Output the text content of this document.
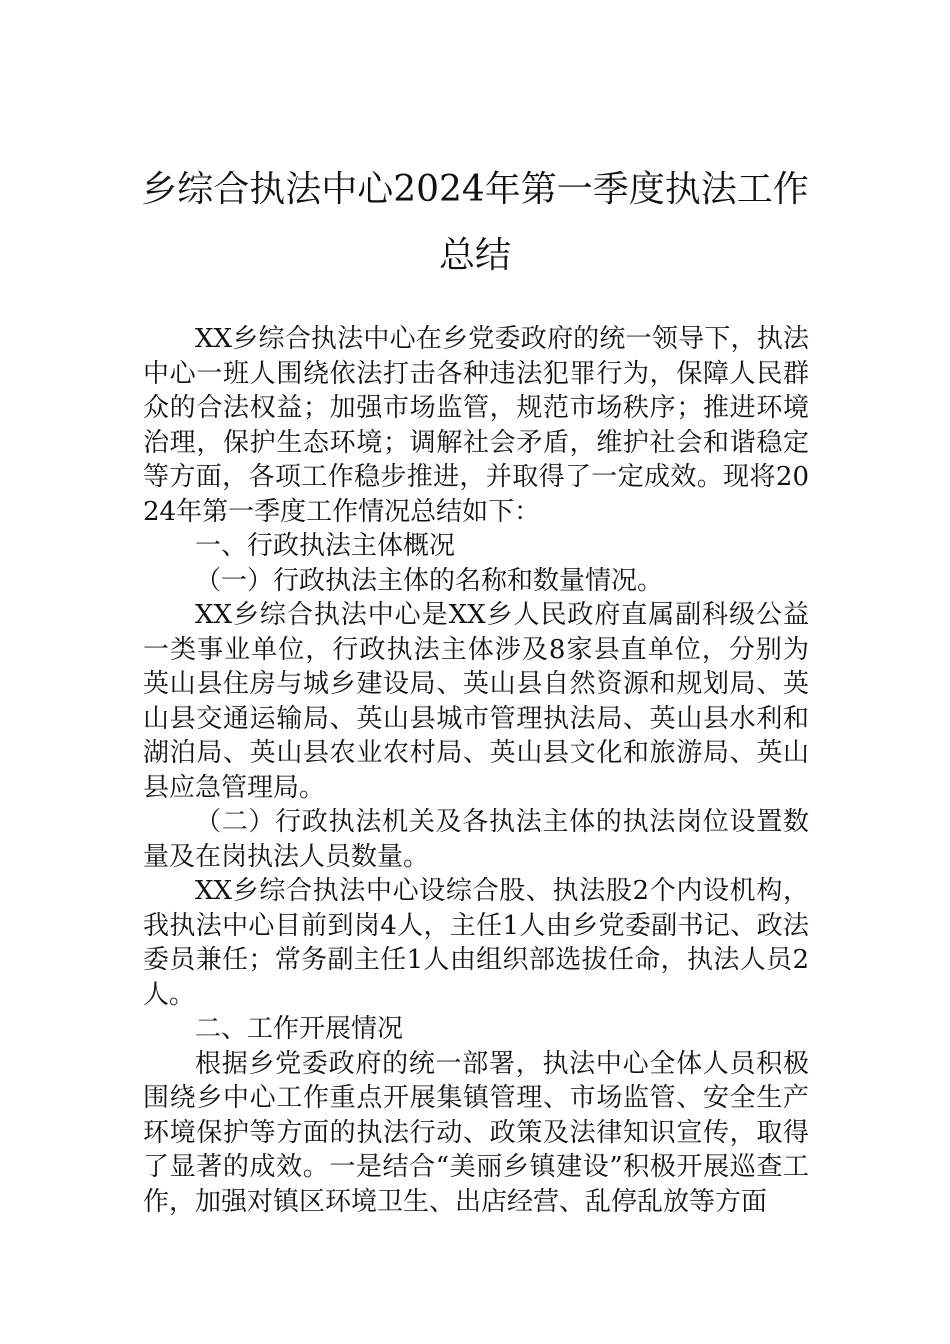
乡综合执法中心2024年第一季度执法工作
总结

XX乡综合执法中心在乡党委政府的统一领导下，执法中心一班人围绕依法打击各种违法犯罪行为，保障人民群众的合法权益；加强市场监管，规范市场秩序；推进环境治理，保护生态环境；调解社会矛盾，维护社会和谐稳定等方面，各项工作稳步推进，并取得了一定成效。现将2024年第一季度工作情况总结如下：

一、行政执法主体概况

（一）行政执法主体的名称和数量情况。

XX乡综合执法中心是XX乡人民政府直属副科级公益一类事业单位，行政执法主体涉及8家县直单位，分别为英山县住房与城乡建设局、英山县自然资源和规划局、英山县交通运输局、英山县城市管理执法局、英山县水利和湖泊局、英山县农业农村局、英山县文化和旅游局、英山县应急管理局。

（二）行政执法机关及各执法主体的执法岗位设置数量及在岗执法人员数量。

XX乡综合执法中心设综合股、执法股2个内设机构，我执法中心目前到岗4人，主任1人由乡党委副书记、政法委员兼任；常务副主任1人由组织部选拔任命，执法人员2人。

二、工作开展情况

根据乡党委政府的统一部署，执法中心全体人员积极围绕乡中心工作重点开展集镇管理、市场监管、安全生产环境保护等方面的执法行动、政策及法律知识宣传，取得了显著的成效。一是结合“美丽乡镇建设”积极开展巡查工作，加强对镇区环境卫生、出店经营、乱停乱放等方面
